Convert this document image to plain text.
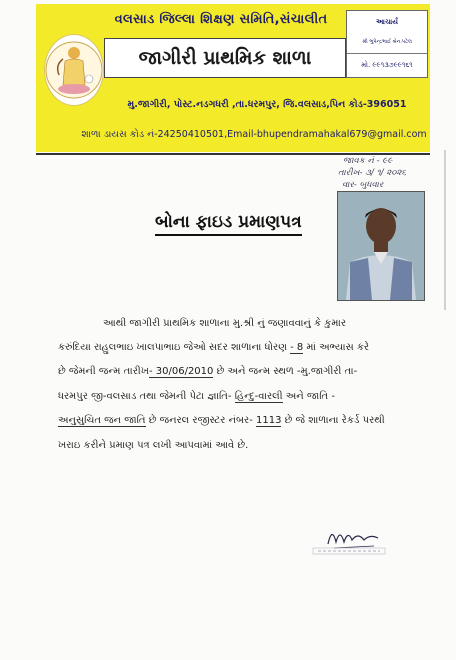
વલસાડ જિલ્લા શિક્ષણ સમિતિ,સંચાલીત
જાગીરી પ્રાથમિક શાળા
આચાર્ય
શ્રી ભુપેન્દ્રભાઈ બેન.પટેલ
મો. ૯૯૧૩૭૯૯૧૬૧
મુ.જાગીરી, પોસ્ટ.નડગધરી ,તા.ધરમપુર, જિ.વલસાડ,પિન કોડ-396051
શાળા ડાયસ કોડ નં-24250410501,Email-bhupendramahakal679@gmail.com
જાવક નં - ૯૯
તારીખ- ૩/ ૧/ ૨૦૨૬
વાર- બુધવાર
બોના ફાઇડ પ્રમાણપત્ર
આથી જાગીરી પ્રાથમિક શાળાના મુ.શ્રી નું જણાવવાનું કે કુમાર
કરુંદિયા રાહુલભાઇ ખાલપાભાઇ જેઓ સદર શાળાના ધોરણ - 8 માં અભ્યાસ કરે
છે જેમની જન્મ તારીખ- 30/06/2010 છે અને જન્મ સ્થળ -મુ.જાગીરી તા-
ધરમપુર જી-વલસાડ તથા જેમની પેટા જ્ઞાતિ- હિન્દુ-વારલી અને જાતિ -
અનુસુચિત જન જાતિ છે જનરલ રજીસ્ટર નંબર- 1113 છે જે શાળાના રેકર્ડ પરથી
ખરાઇ કરીને પ્રમાણ પત્ર લખી આપવામાં આવે છે.
